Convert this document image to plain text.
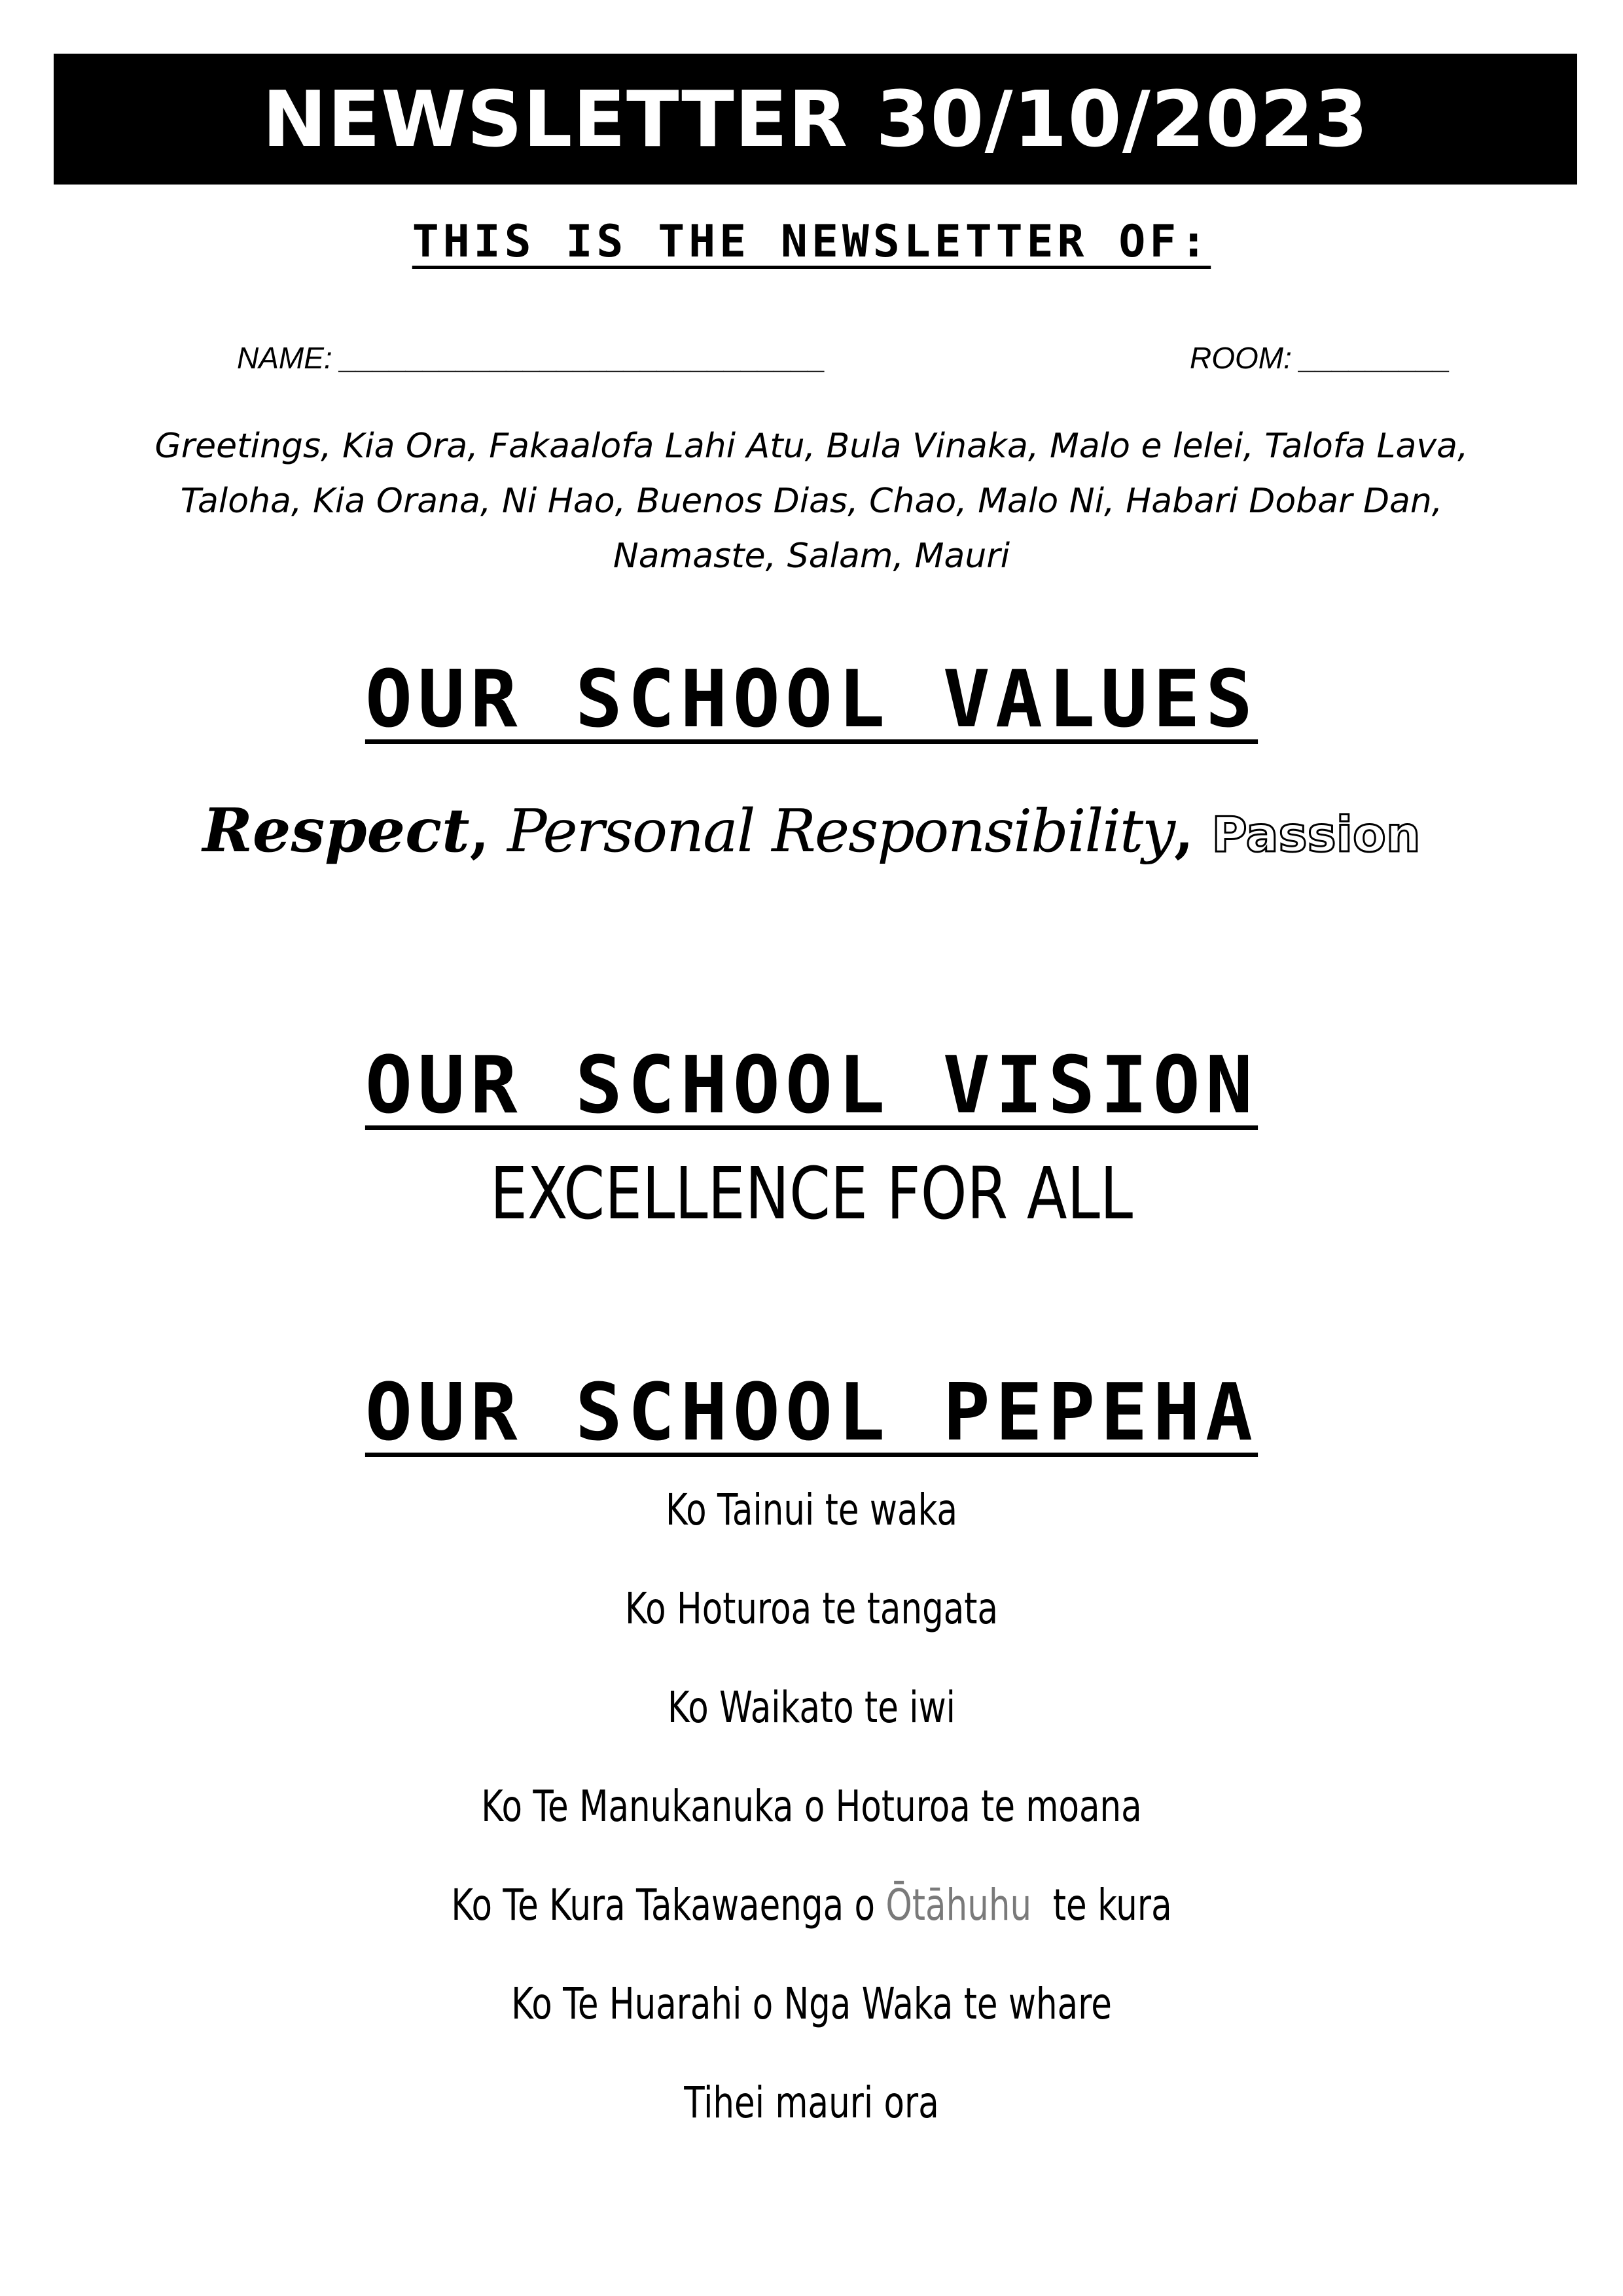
NEWSLETTER 30/10/2023
THIS IS THE NEWSLETTER OF:
NAME: _____________________________	ROOM: _________
Greetings, Kia Ora, Fakaalofa Lahi Atu, Bula Vinaka, Malo e lelei, Talofa Lava, Taloha, Kia Orana, Ni Hao, Buenos Dias, Chao, Malo Ni, Habari Dobar Dan, Namaste, Salam, Mauri
OUR SCHOOL VALUES
Respect, Personal Responsibility, Passion
OUR SCHOOL VISION
EXCELLENCE FOR ALL
OUR SCHOOL PEPEHA
Ko Tainui te waka
Ko Hoturoa te tangata
Ko Waikato te iwi
Ko Te Manukanuka o Hoturoa te moana
Ko Te Kura Takawaenga o Ōtāhuhu  te kura
Ko Te Huarahi o Nga Waka te whare
Tihei mauri ora
